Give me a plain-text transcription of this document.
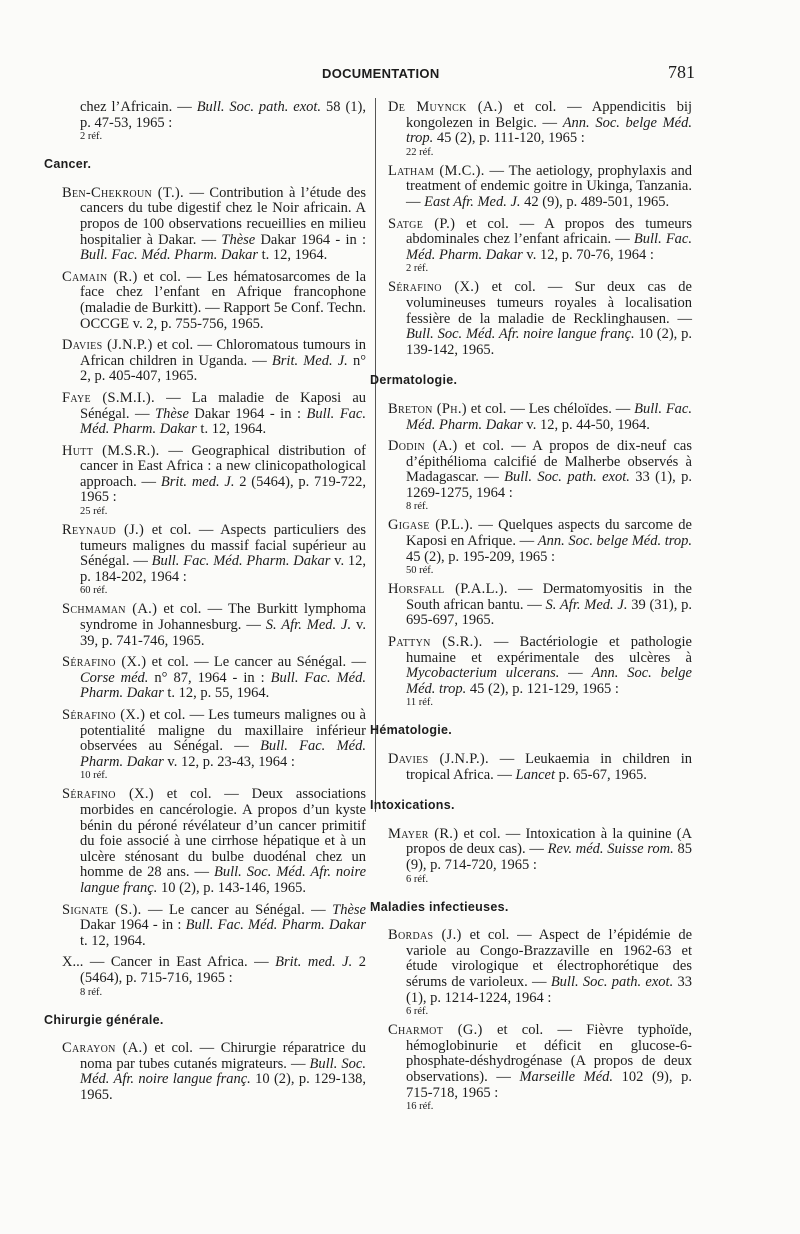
DOCUMENTATION	781

chez l’Africain. — Bull. Soc. path. exot. 58 (1), p. 47-53, 1965 :
2 réf.

Cancer.

Ben-Chekroun (T.). — Contribution à l’étude des cancers du tube digestif chez le Noir africain. A propos de 100 observations recueillies en milieu hospitalier à Dakar. — Thèse Dakar 1964 - in : Bull. Fac. Méd. Pharm. Dakar t. 12, 1964.

Camain (R.) et col. — Les hématosarcomes de la face chez l’enfant en Afrique francophone (maladie de Burkitt). — Rapport 5e Conf. Techn. OCCGE v. 2, p. 755-756, 1965.

Davies (J.N.P.) et col. — Chloromatous tumours in African children in Uganda. — Brit. Med. J. n° 2, p. 405-407, 1965.

Faye (S.M.I.). — La maladie de Kaposi au Sénégal. — Thèse Dakar 1964 - in : Bull. Fac. Méd. Pharm. Dakar t. 12, 1964.

Hutt (M.S.R.). — Geographical distribution of cancer in East Africa : a new clinicopathological approach. — Brit. med. J. 2 (5464), p. 719-722, 1965 :
25 réf.

Reynaud (J.) et col. — Aspects particuliers des tumeurs malignes du massif facial supérieur au Sénégal. — Bull. Fac. Méd. Pharm. Dakar v. 12, p. 184-202, 1964 :
60 réf.

Schmaman (A.) et col. — The Burkitt lymphoma syndrome in Johannesburg. — S. Afr. Med. J. v. 39, p. 741-746, 1965.

Sérafino (X.) et col. — Le cancer au Sénégal. — Corse méd. n° 87, 1964 - in : Bull. Fac. Méd. Pharm. Dakar t. 12, p. 55, 1964.

Sérafino (X.) et col. — Les tumeurs malignes ou à potentialité maligne du maxillaire inférieur observées au Sénégal. — Bull. Fac. Méd. Pharm. Dakar v. 12, p. 23-43, 1964 :
10 réf.

Sérafino (X.) et col. — Deux associations morbides en cancérologie. A propos d’un kyste bénin du péroné révélateur d’un cancer primitif du foie associé à une cirrhose hépatique et à un ulcère sténosant du bulbe duodénal chez un homme de 28 ans. — Bull. Soc. Méd. Afr. noire langue franç. 10 (2), p. 143-146, 1965.

Signate (S.). — Le cancer au Sénégal. — Thèse Dakar 1964 - in : Bull. Fac. Méd. Pharm. Dakar t. 12, 1964.

X... — Cancer in East Africa. — Brit. med. J. 2 (5464), p. 715-716, 1965 :
8 réf.

Chirurgie générale.

Carayon (A.) et col. — Chirurgie réparatrice du noma par tubes cutanés migrateurs. — Bull. Soc. Méd. Afr. noire langue franç. 10 (2), p. 129-138, 1965.

De Muynck (A.) et col. — Appendicitis bij kongolezen in Belgic. — Ann. Soc. belge Méd. trop. 45 (2), p. 111-120, 1965 :
22 réf.

Latham (M.C.). — The aetiology, prophylaxis and treatment of endemic goitre in Ukinga, Tanzania. — East Afr. Med. J. 42 (9), p. 489-501, 1965.

Satge (P.) et col. — A propos des tumeurs abdominales chez l’enfant africain. — Bull. Fac. Méd. Pharm. Dakar v. 12, p. 70-76, 1964 :
2 réf.

Sérafino (X.) et col. — Sur deux cas de volumineuses tumeurs royales à localisation fessière de la maladie de Recklinghausen. — Bull. Soc. Méd. Afr. noire langue franç. 10 (2), p. 139-142, 1965.

Dermatologie.

Breton (Ph.) et col. — Les chéloïdes. — Bull. Fac. Méd. Pharm. Dakar v. 12, p. 44-50, 1964.

Dodin (A.) et col. — A propos de dix-neuf cas d’épithélioma calcifié de Malherbe observés à Madagascar. — Bull. Soc. path. exot. 33 (1), p. 1269-1275, 1964 :
8 réf.

Gigase (P.L.). — Quelques aspects du sarcome de Kaposi en Afrique. — Ann. Soc. belge Méd. trop. 45 (2), p. 195-209, 1965 :
50 réf.

Horsfall (P.A.L.). — Dermatomyositis in the South african bantu. — S. Afr. Med. J. 39 (31), p. 695-697, 1965.

Pattyn (S.R.). — Bactériologie et pathologie humaine et expérimentale des ulcères à Mycobacterium ulcerans. — Ann. Soc. belge Méd. trop. 45 (2), p. 121-129, 1965 :
11 réf.

Hématologie.

Davies (J.N.P.). — Leukaemia in children in tropical Africa. — Lancet p. 65-67, 1965.

Intoxications.

Mayer (R.) et col. — Intoxication à la quinine (A propos de deux cas). — Rev. méd. Suisse rom. 85 (9), p. 714-720, 1965 :
6 réf.

Maladies infectieuses.

Bordas (J.) et col. — Aspect de l’épidémie de variole au Congo-Brazzaville en 1962-63 et étude virologique et électrophorétique des sérums de varioleux. — Bull. Soc. path. exot. 33 (1), p. 1214-1224, 1964 :
6 réf.

Charmot (G.) et col. — Fièvre typhoïde, hémoglobinurie et déficit en glucose-6-phosphate-déshydrogénase (A propos de deux observations). — Marseille Méd. 102 (9), p. 715-718, 1965 :
16 réf.
